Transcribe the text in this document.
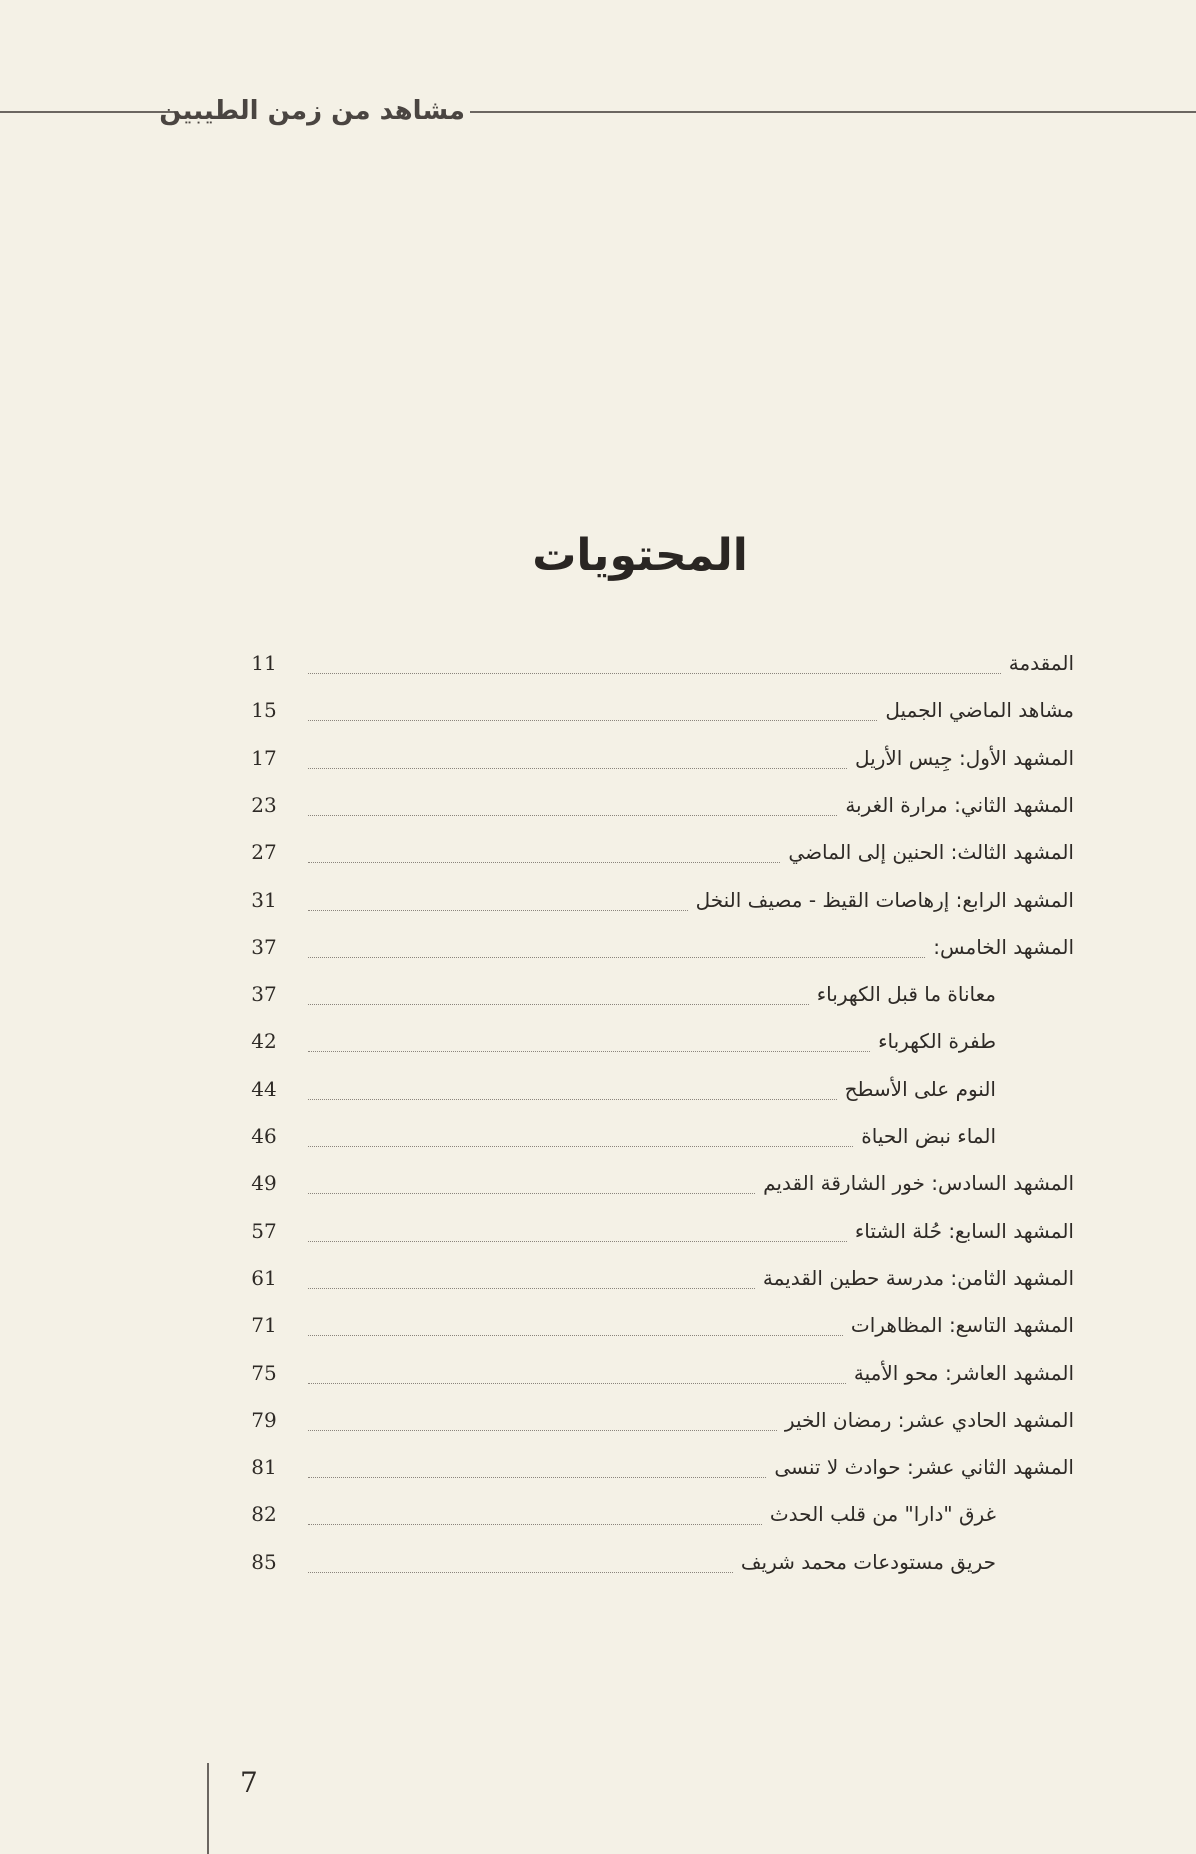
مشاهد من زمن الطيبين
المحتويات
المقدمة
11
مشاهد الماضي الجميل
15
المشهد الأول: جِيس الأريل
17
المشهد الثاني: مرارة الغربة
23
المشهد الثالث: الحنين إلى الماضي
27
المشهد الرابع: إرهاصات القيظ - مصيف النخل
31
المشهد الخامس:
37
معاناة ما قبل الكهرباء
37
طفرة الكهرباء
42
النوم على الأسطح
44
الماء نبض الحياة
46
المشهد السادس: خور الشارقة القديم
49
المشهد السابع: حُلة الشتاء
57
المشهد الثامن: مدرسة حطين القديمة
61
المشهد التاسع: المظاهرات
71
المشهد العاشر: محو الأمية
75
المشهد الحادي عشر: رمضان الخير
79
المشهد الثاني عشر: حوادث لا تنسى
81
غرق "دارا" من قلب الحدث
82
حريق مستودعات محمد شريف
85
7
